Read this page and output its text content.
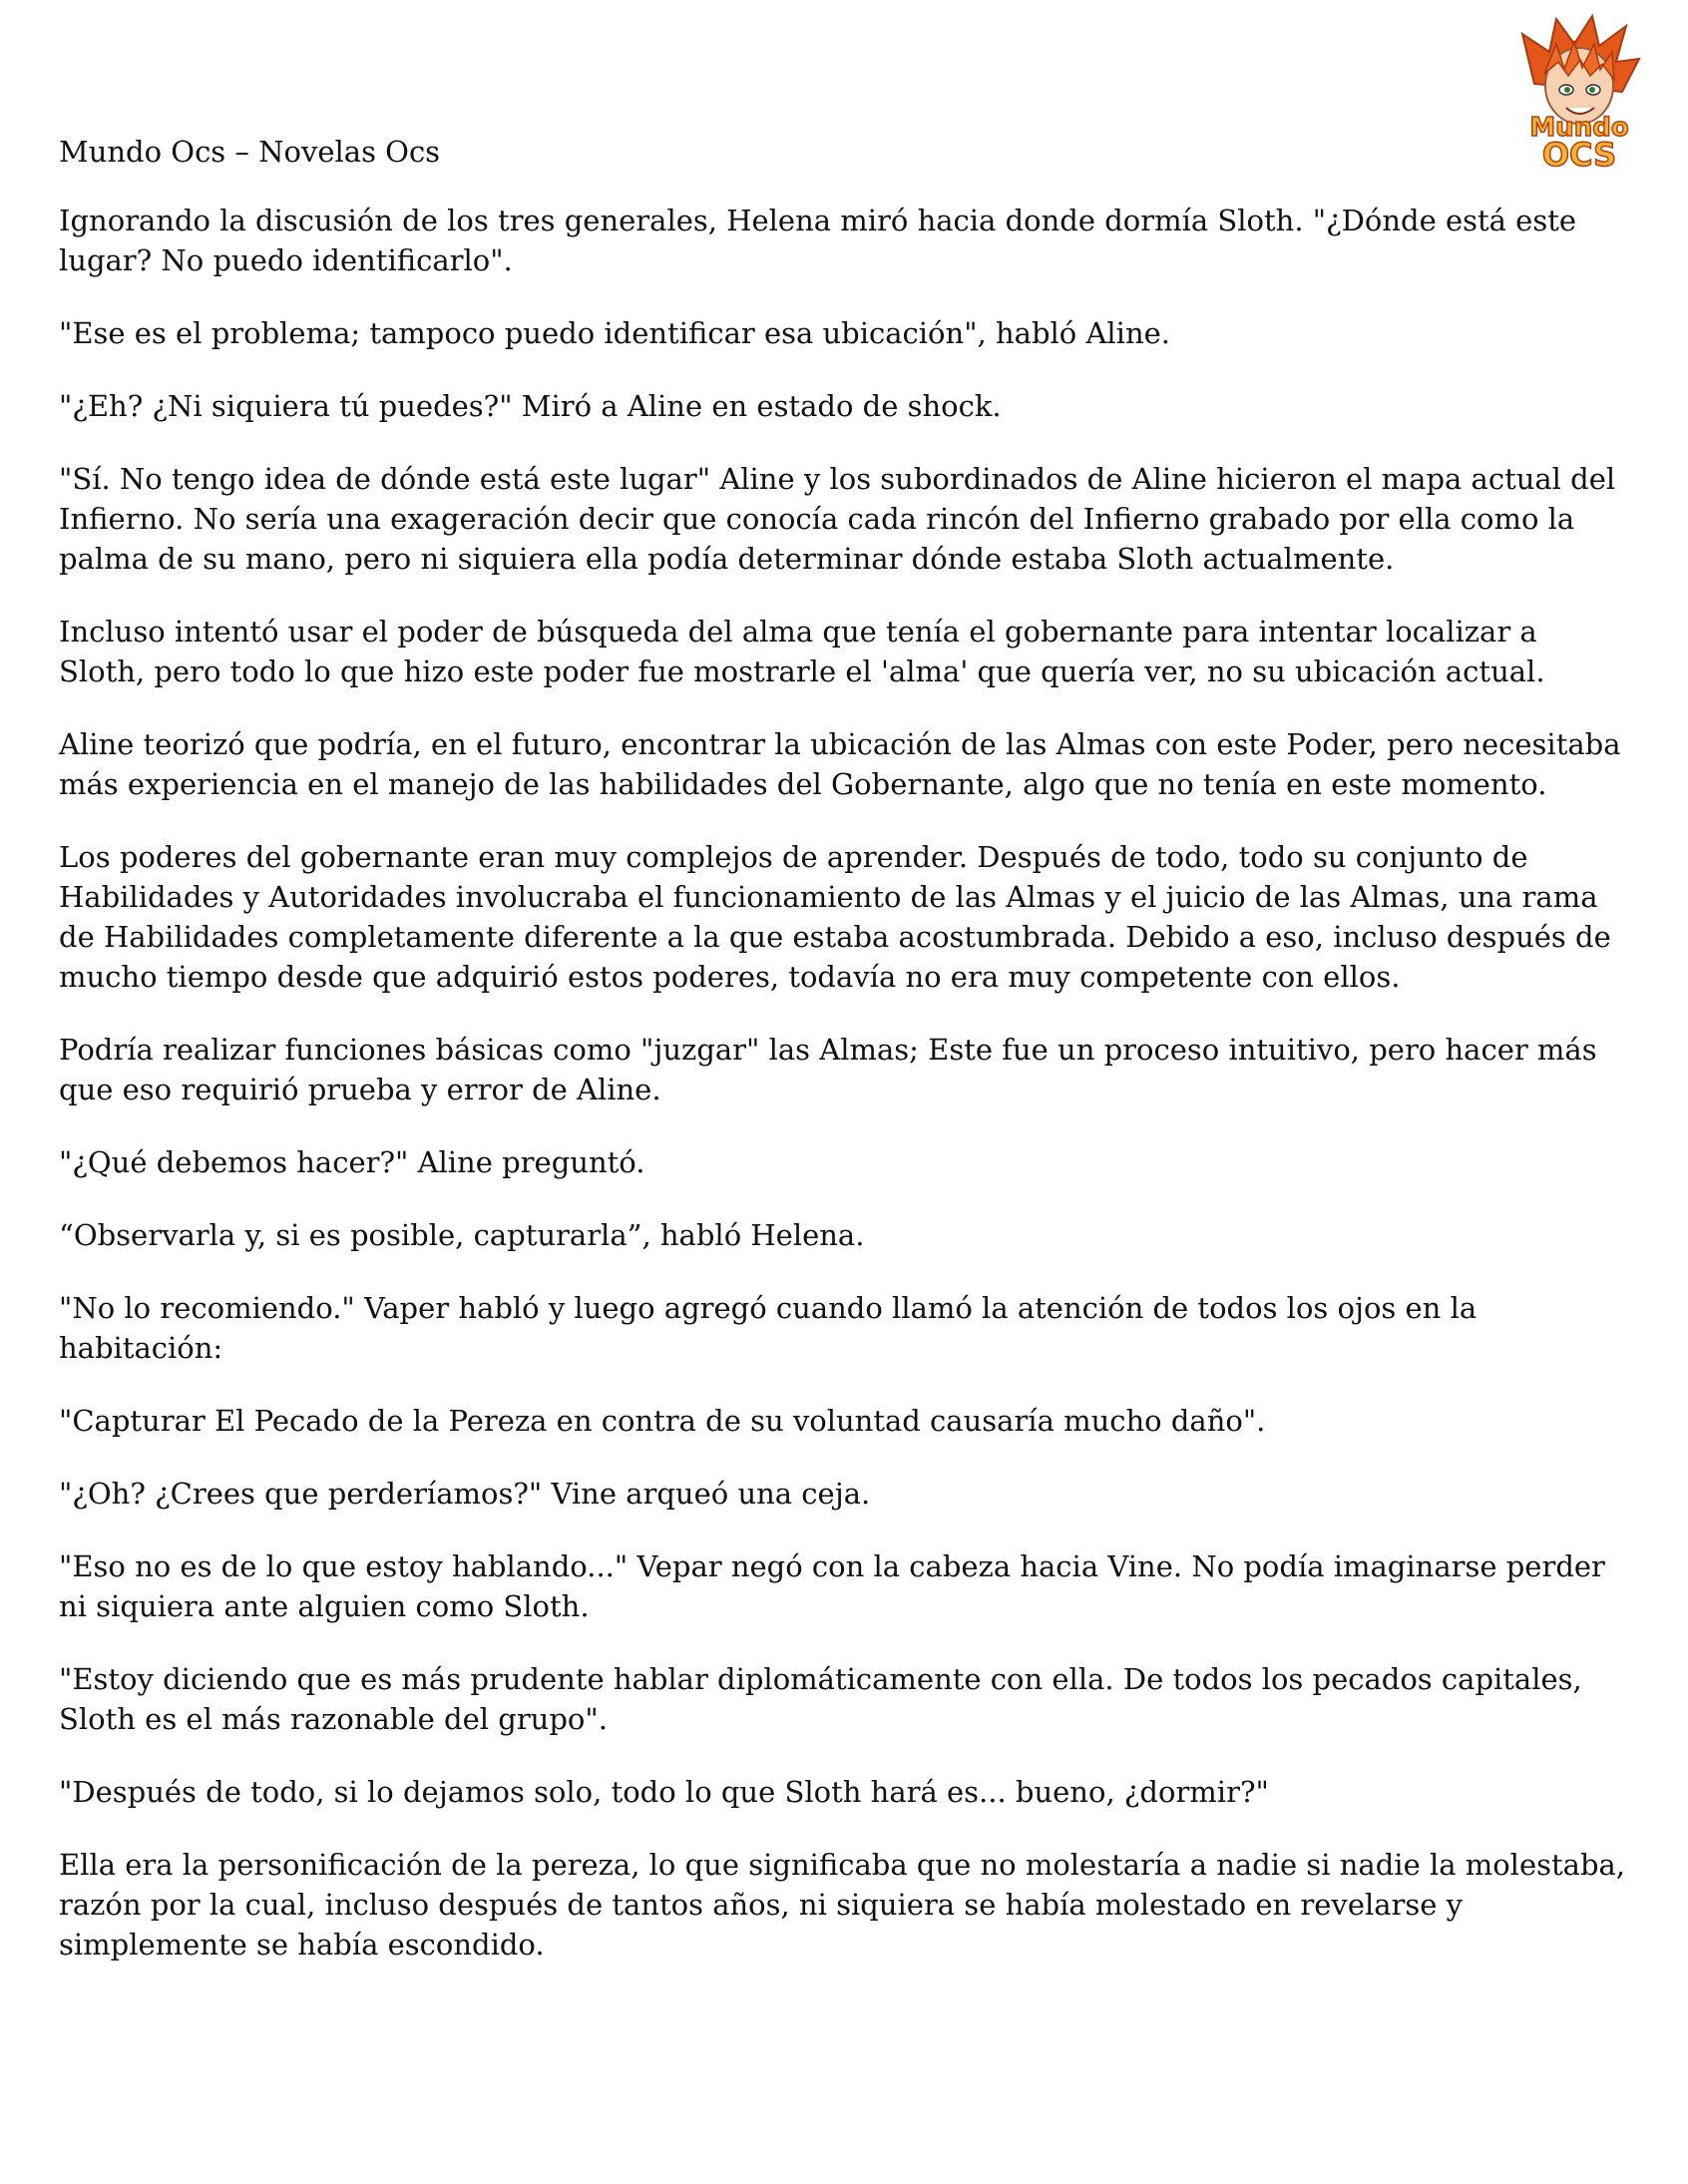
Mundo
OCS
Mundo Ocs – Novelas Ocs

Ignorando la discusión de los tres generales, Helena miró hacia donde dormía Sloth. "¿Dónde está este lugar? No puedo identificarlo".

"Ese es el problema; tampoco puedo identificar esa ubicación", habló Aline.

"¿Eh? ¿Ni siquiera tú puedes?" Miró a Aline en estado de shock.

"Sí. No tengo idea de dónde está este lugar" Aline y los subordinados de Aline hicieron el mapa actual del Infierno. No sería una exageración decir que conocía cada rincón del Infierno grabado por ella como la palma de su mano, pero ni siquiera ella podía determinar dónde estaba Sloth actualmente.

Incluso intentó usar el poder de búsqueda del alma que tenía el gobernante para intentar localizar a Sloth, pero todo lo que hizo este poder fue mostrarle el 'alma' que quería ver, no su ubicación actual.

Aline teorizó que podría, en el futuro, encontrar la ubicación de las Almas con este Poder, pero necesitaba más experiencia en el manejo de las habilidades del Gobernante, algo que no tenía en este momento.

Los poderes del gobernante eran muy complejos de aprender. Después de todo, todo su conjunto de Habilidades y Autoridades involucraba el funcionamiento de las Almas y el juicio de las Almas, una rama de Habilidades completamente diferente a la que estaba acostumbrada. Debido a eso, incluso después de mucho tiempo desde que adquirió estos poderes, todavía no era muy competente con ellos.

Podría realizar funciones básicas como "juzgar" las Almas; Este fue un proceso intuitivo, pero hacer más que eso requirió prueba y error de Aline.

"¿Qué debemos hacer?" Aline preguntó.

“Observarla y, si es posible, capturarla”, habló Helena.

"No lo recomiendo." Vaper habló y luego agregó cuando llamó la atención de todos los ojos en la habitación:

"Capturar El Pecado de la Pereza en contra de su voluntad causaría mucho daño".

"¿Oh? ¿Crees que perderíamos?" Vine arqueó una ceja.

"Eso no es de lo que estoy hablando..." Vepar negó con la cabeza hacia Vine. No podía imaginarse perder ni siquiera ante alguien como Sloth.

"Estoy diciendo que es más prudente hablar diplomáticamente con ella. De todos los pecados capitales, Sloth es el más razonable del grupo".

"Después de todo, si lo dejamos solo, todo lo que Sloth hará es... bueno, ¿dormir?"

Ella era la personificación de la pereza, lo que significaba que no molestaría a nadie si nadie la molestaba, razón por la cual, incluso después de tantos años, ni siquiera se había molestado en revelarse y simplemente se había escondido.
